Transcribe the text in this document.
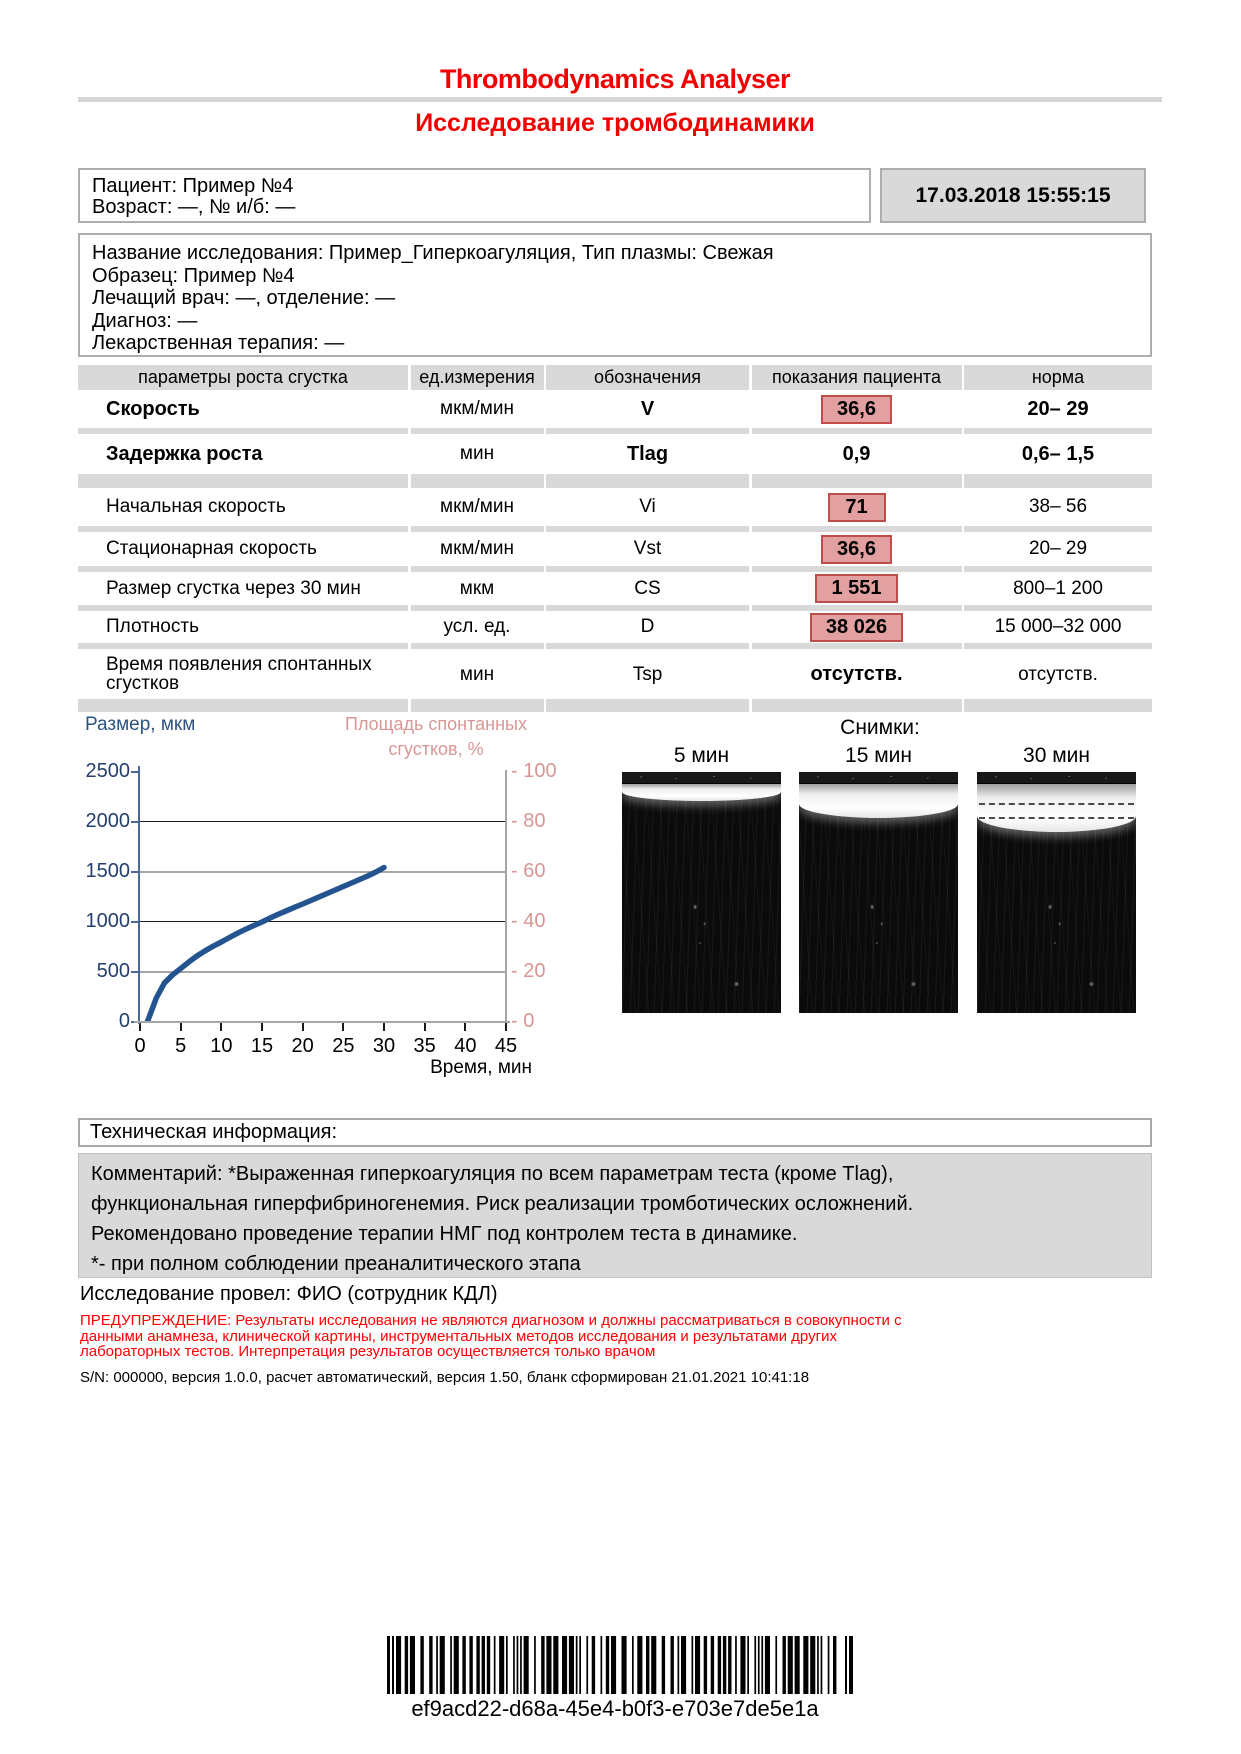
Thrombodynamics Analyser
Исследование тромбодинамики
Пациент: Пример №4
Возраст: —, № и/б: —	17.03.2018 15:55:15
Название исследования: Пример_Гиперкоагуляция, Тип плазмы: Свежая
Образец: Пример №4
Лечащий врач: —, отделение: —
Диагноз: —
Лекарственная терапия: —
параметры роста сгустка	ед.измерения	обозначения	показания пациента	норма
Скорость	мкм/мин	V	36,6	20– 29
Задержка роста	мин	Tlag	0,9	0,6– 1,5
Начальная скорость	мкм/мин	Vi	71	38– 56
Стационарная скорость	мкм/мин	Vst	36,6	20– 29
Размер сгустка через 30 мин	мкм	CS	1 551	800–1 200
Плотность	усл. ед.	D	38 026	15 000–32 000
Время появления спонтанных сгустков	мин	Tsp	отсутств.	отсутств.
Размер, мкм	Площадь спонтанных сгустков, %
0
500
1000
1500
2000
2500	- 100
- 80
- 60
- 40
- 20
- 0
0	5	10 15 20 25 30 35 40 45
Время, мин
Снимки:
5 мин	15 мин	30 мин
Техническая информация:
Комментарий: *Выраженная гиперкоагуляция по всем параметрам теста (кроме Tlag),
функциональная гиперфибриногенемия. Риск реализации тромботических осложнений.
Рекомендовано проведение терапии НМГ под контролем теста в динамике.
*- при полном соблюдении преаналитического этапа
Исследование провел: ФИО (сотрудник КДЛ)
ПРЕДУПРЕЖДЕНИЕ: Результаты исследования не являются диагнозом и должны рассматриваться в совокупности с
данными анамнеза, клинической картины, инструментальных методов исследования и результатами других
лабораторных тестов. Интерпретация результатов осуществляется только врачом
S/N: 000000, версия 1.0.0, расчет автоматический, версия 1.50, бланк сформирован 21.01.2021 10:41:18
ef9acd22-d68a-45e4-b0f3-e703e7de5e1a
